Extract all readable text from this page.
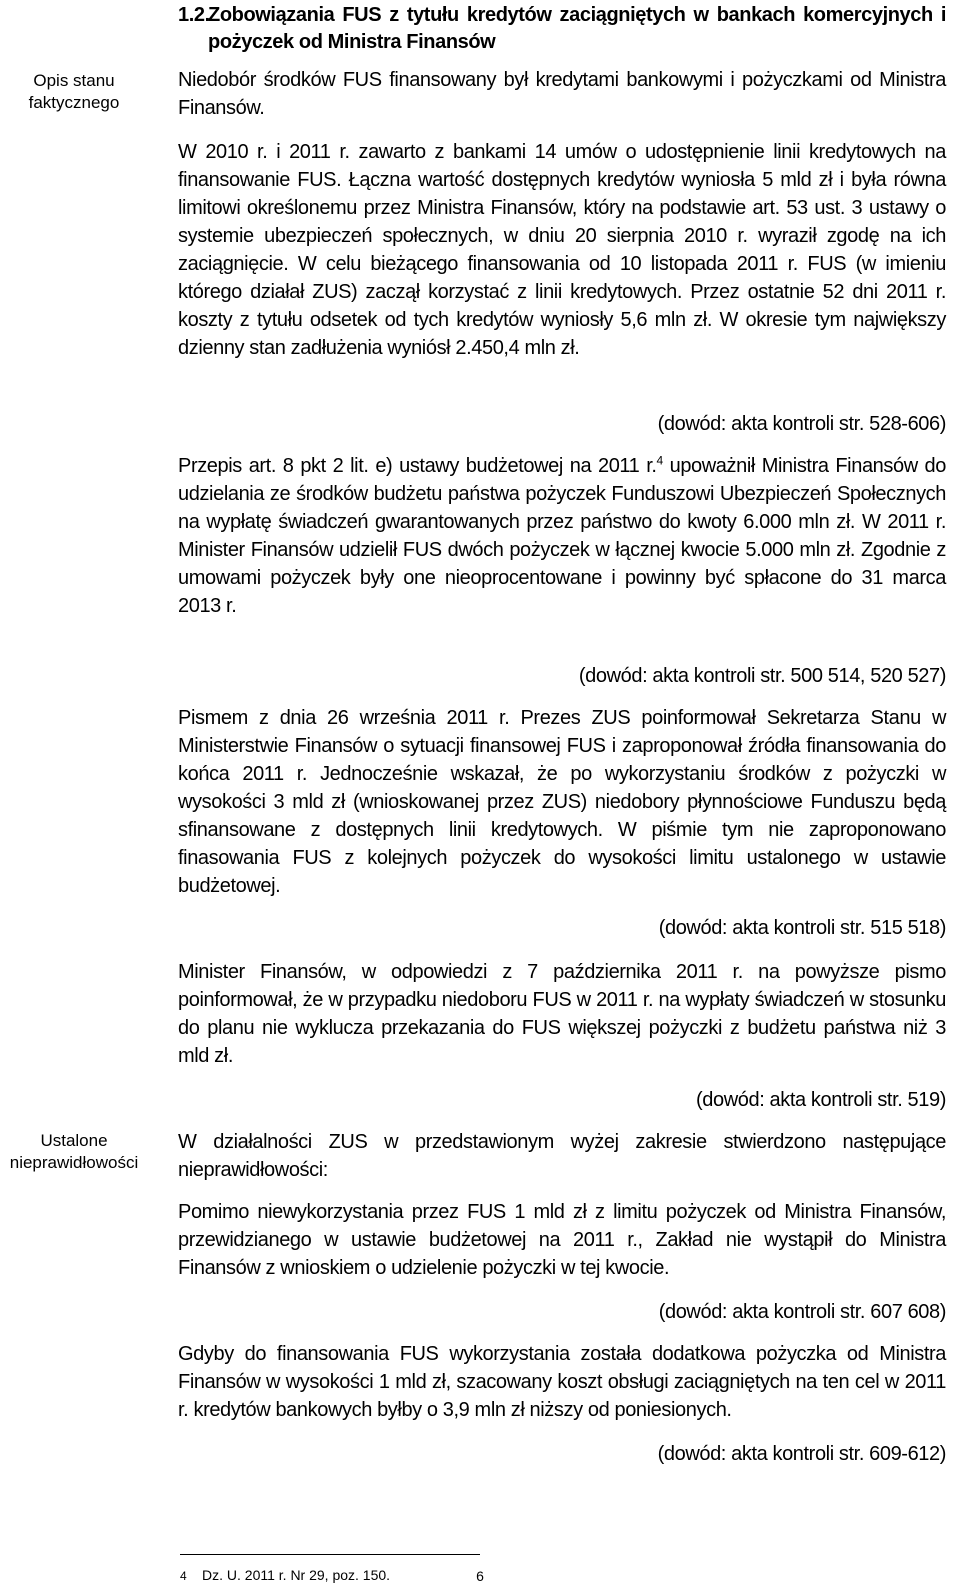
Opis stanu faktycznego
Ustalone nieprawidłowości
1.2.
Zobowiązania FUS z tytułu kredytów zaciągniętych w bankach komercyjnych i pożyczek od Ministra Finansów
Niedobór środków FUS finansowany był kredytami bankowymi i pożyczkami od Ministra Finansów.
W 2010 r. i 2011 r. zawarto z bankami 14 umów o udostępnienie linii kredytowych na finansowanie FUS. Łączna wartość dostępnych kredytów wyniosła 5 mld zł i była równa limitowi określonemu przez Ministra Finansów, który na podstawie art. 53 ust. 3 ustawy o systemie ubezpieczeń społecznych, w dniu 20 sierpnia 2010 r. wyraził zgodę na ich zaciągnięcie. W celu bieżącego finansowania od 10 listopada 2011 r. FUS (w imieniu którego działał ZUS) zaczął korzystać z linii kredytowych. Przez ostatnie 52 dni 2011 r. koszty z tytułu odsetek od tych kredytów wyniosły 5,6 mln zł. W okresie tym największy dzienny stan zadłużenia wyniósł 2.450,4 mln zł.
(dowód: akta kontroli str. 528-606)
Przepis art. 8 pkt 2 lit. e) ustawy budżetowej na 2011 r.$^4$ upoważnił Ministra Finansów do udzielania ze środków budżetu państwa pożyczek Funduszowi Ubezpieczeń Społecznych na wypłatę świadczeń gwarantowanych przez państwo do kwoty 6.000 mln zł. W 2011 r. Minister Finansów udzielił FUS dwóch pożyczek w łącznej kwocie 5.000 mln zł. Zgodnie z umowami pożyczek były one nieoprocentowane i powinny być spłacone do 31 marca 2013 r.
(dowód: akta kontroli str. 500 514, 520 527)
Pismem z dnia 26 września 2011 r. Prezes ZUS poinformował Sekretarza Stanu w Ministerstwie Finansów o sytuacji finansowej FUS i zaproponował źródła finansowania do końca 2011 r. Jednocześnie wskazał, że po wykorzystaniu środków z pożyczki w wysokości 3 mld zł (wnioskowanej przez ZUS) niedobory płynnościowe Funduszu będą sfinansowane z dostępnych linii kredytowych. W piśmie tym nie zaproponowano finasowania FUS z kolejnych pożyczek do wysokości limitu ustalonego w ustawie budżetowej.
(dowód: akta kontroli str. 515 518)
Minister Finansów, w odpowiedzi z 7 października 2011 r. na powyższe pismo poinformował, że w przypadku niedoboru FUS w 2011 r. na wypłaty świadczeń w stosunku do planu nie wyklucza przekazania do FUS większej pożyczki z budżetu państwa niż 3 mld zł.
(dowód: akta kontroli str. 519)
W działalności ZUS w przedstawionym wyżej zakresie stwierdzono następujące nieprawidłowości:
Pomimo niewykorzystania przez FUS 1 mld zł z limitu pożyczek od Ministra Finansów, przewidzianego w ustawie budżetowej na 2011 r., Zakład nie wystąpił do Ministra Finansów z wnioskiem o udzielenie pożyczki w tej kwocie.
(dowód: akta kontroli str. 607 608)
Gdyby do finansowania FUS wykorzystania została dodatkowa pożyczka od Ministra Finansów w wysokości 1 mld zł, szacowany koszt obsługi zaciągniętych na ten cel w 2011 r. kredytów bankowych byłby o 3,9 mln zł niższy od poniesionych.
(dowód: akta kontroli str. 609-612)
4 Dz. U. 2011 r. Nr 29, poz. 150.	6
